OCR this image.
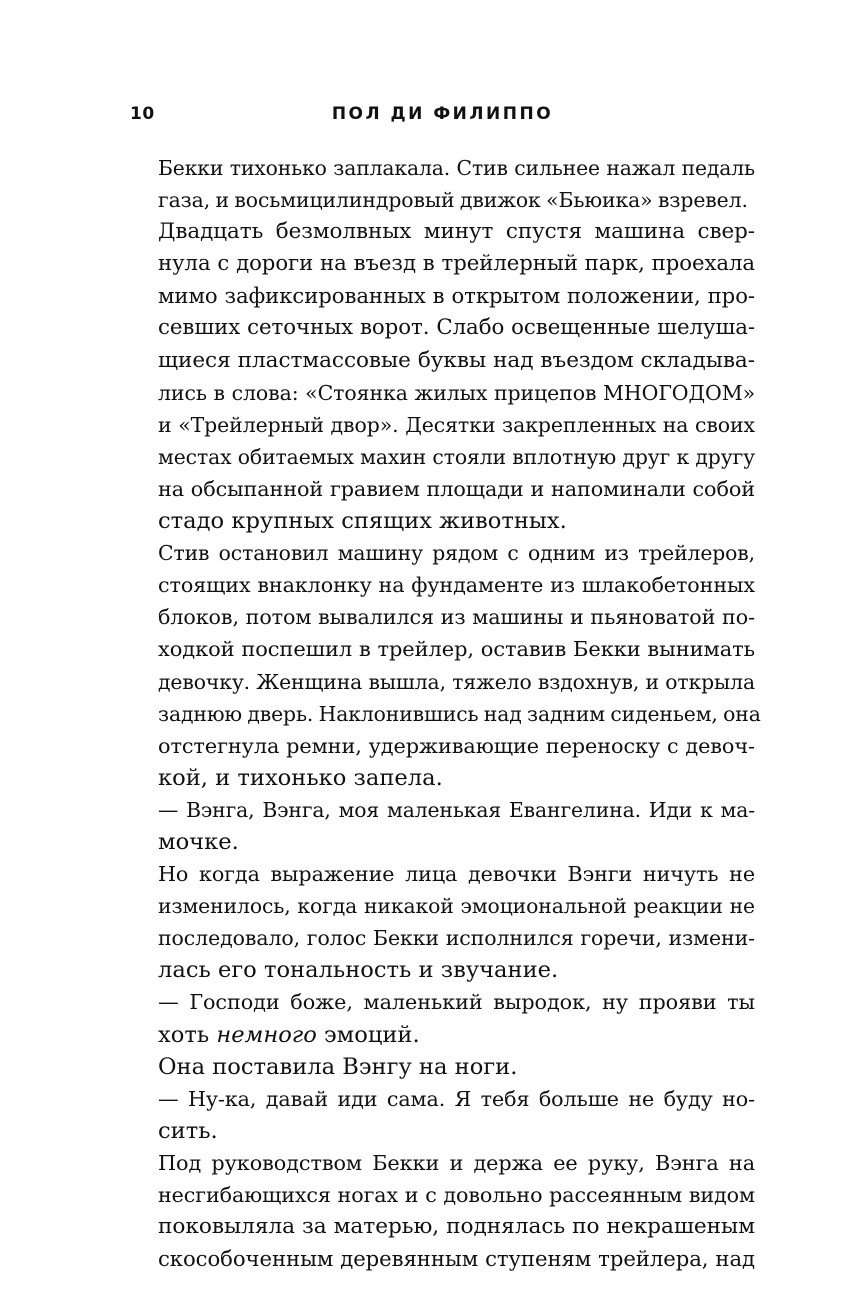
10	ПОЛ ДИ ФИЛИППО

Бекки тихонько заплакала. Стив сильнее нажал педаль
газа, и восьмицилиндровый движок «Бьюика» взревел.

Двадцать безмолвных минут спустя машина свер-
нула с дороги на въезд в трейлерный парк, проехала
мимо зафиксированных в открытом положении, про-
севших сеточных ворот. Слабо освещенные шелуша-
щиеся пластмассовые буквы над въездом складыва-
лись в слова: «Стоянка жилых прицепов МНОГОДОМ»
и «Трейлерный двор». Десятки закрепленных на своих
местах обитаемых махин стояли вплотную друг к другу
на обсыпанной гравием площади и напоминали собой
стадо крупных спящих животных.

Стив остановил машину рядом с одним из трейлеров,
стоящих внаклонку на фундаменте из шлакобетонных
блоков, потом вывалился из машины и пьяноватой по-
ходкой поспешил в трейлер, оставив Бекки вынимать
девочку. Женщина вышла, тяжело вздохнув, и открыла
заднюю дверь. Наклонившись над задним сиденьем, она
отстегнула ремни, удерживающие переноску с девоч-
кой, и тихонько запела.

— Вэнга, Вэнга, моя маленькая Евангелина. Иди к ма-
мочке.

Но когда выражение лица девочки Вэнги ничуть не
изменилось, когда никакой эмоциональной реакции не
последовало, голос Бекки исполнился горечи, измени-
лась его тональность и звучание.

— Господи боже, маленький выродок, ну прояви ты
хоть немного эмоций.

Она поставила Вэнгу на ноги.

— Ну-ка, давай иди сама. Я тебя больше не буду но-
сить.

Под руководством Бекки и держа ее руку, Вэнга на
несгибающихся ногах и с довольно рассеянным видом
поковыляла за матерью, поднялась по некрашеным
скособоченным деревянным ступеням трейлера, над
